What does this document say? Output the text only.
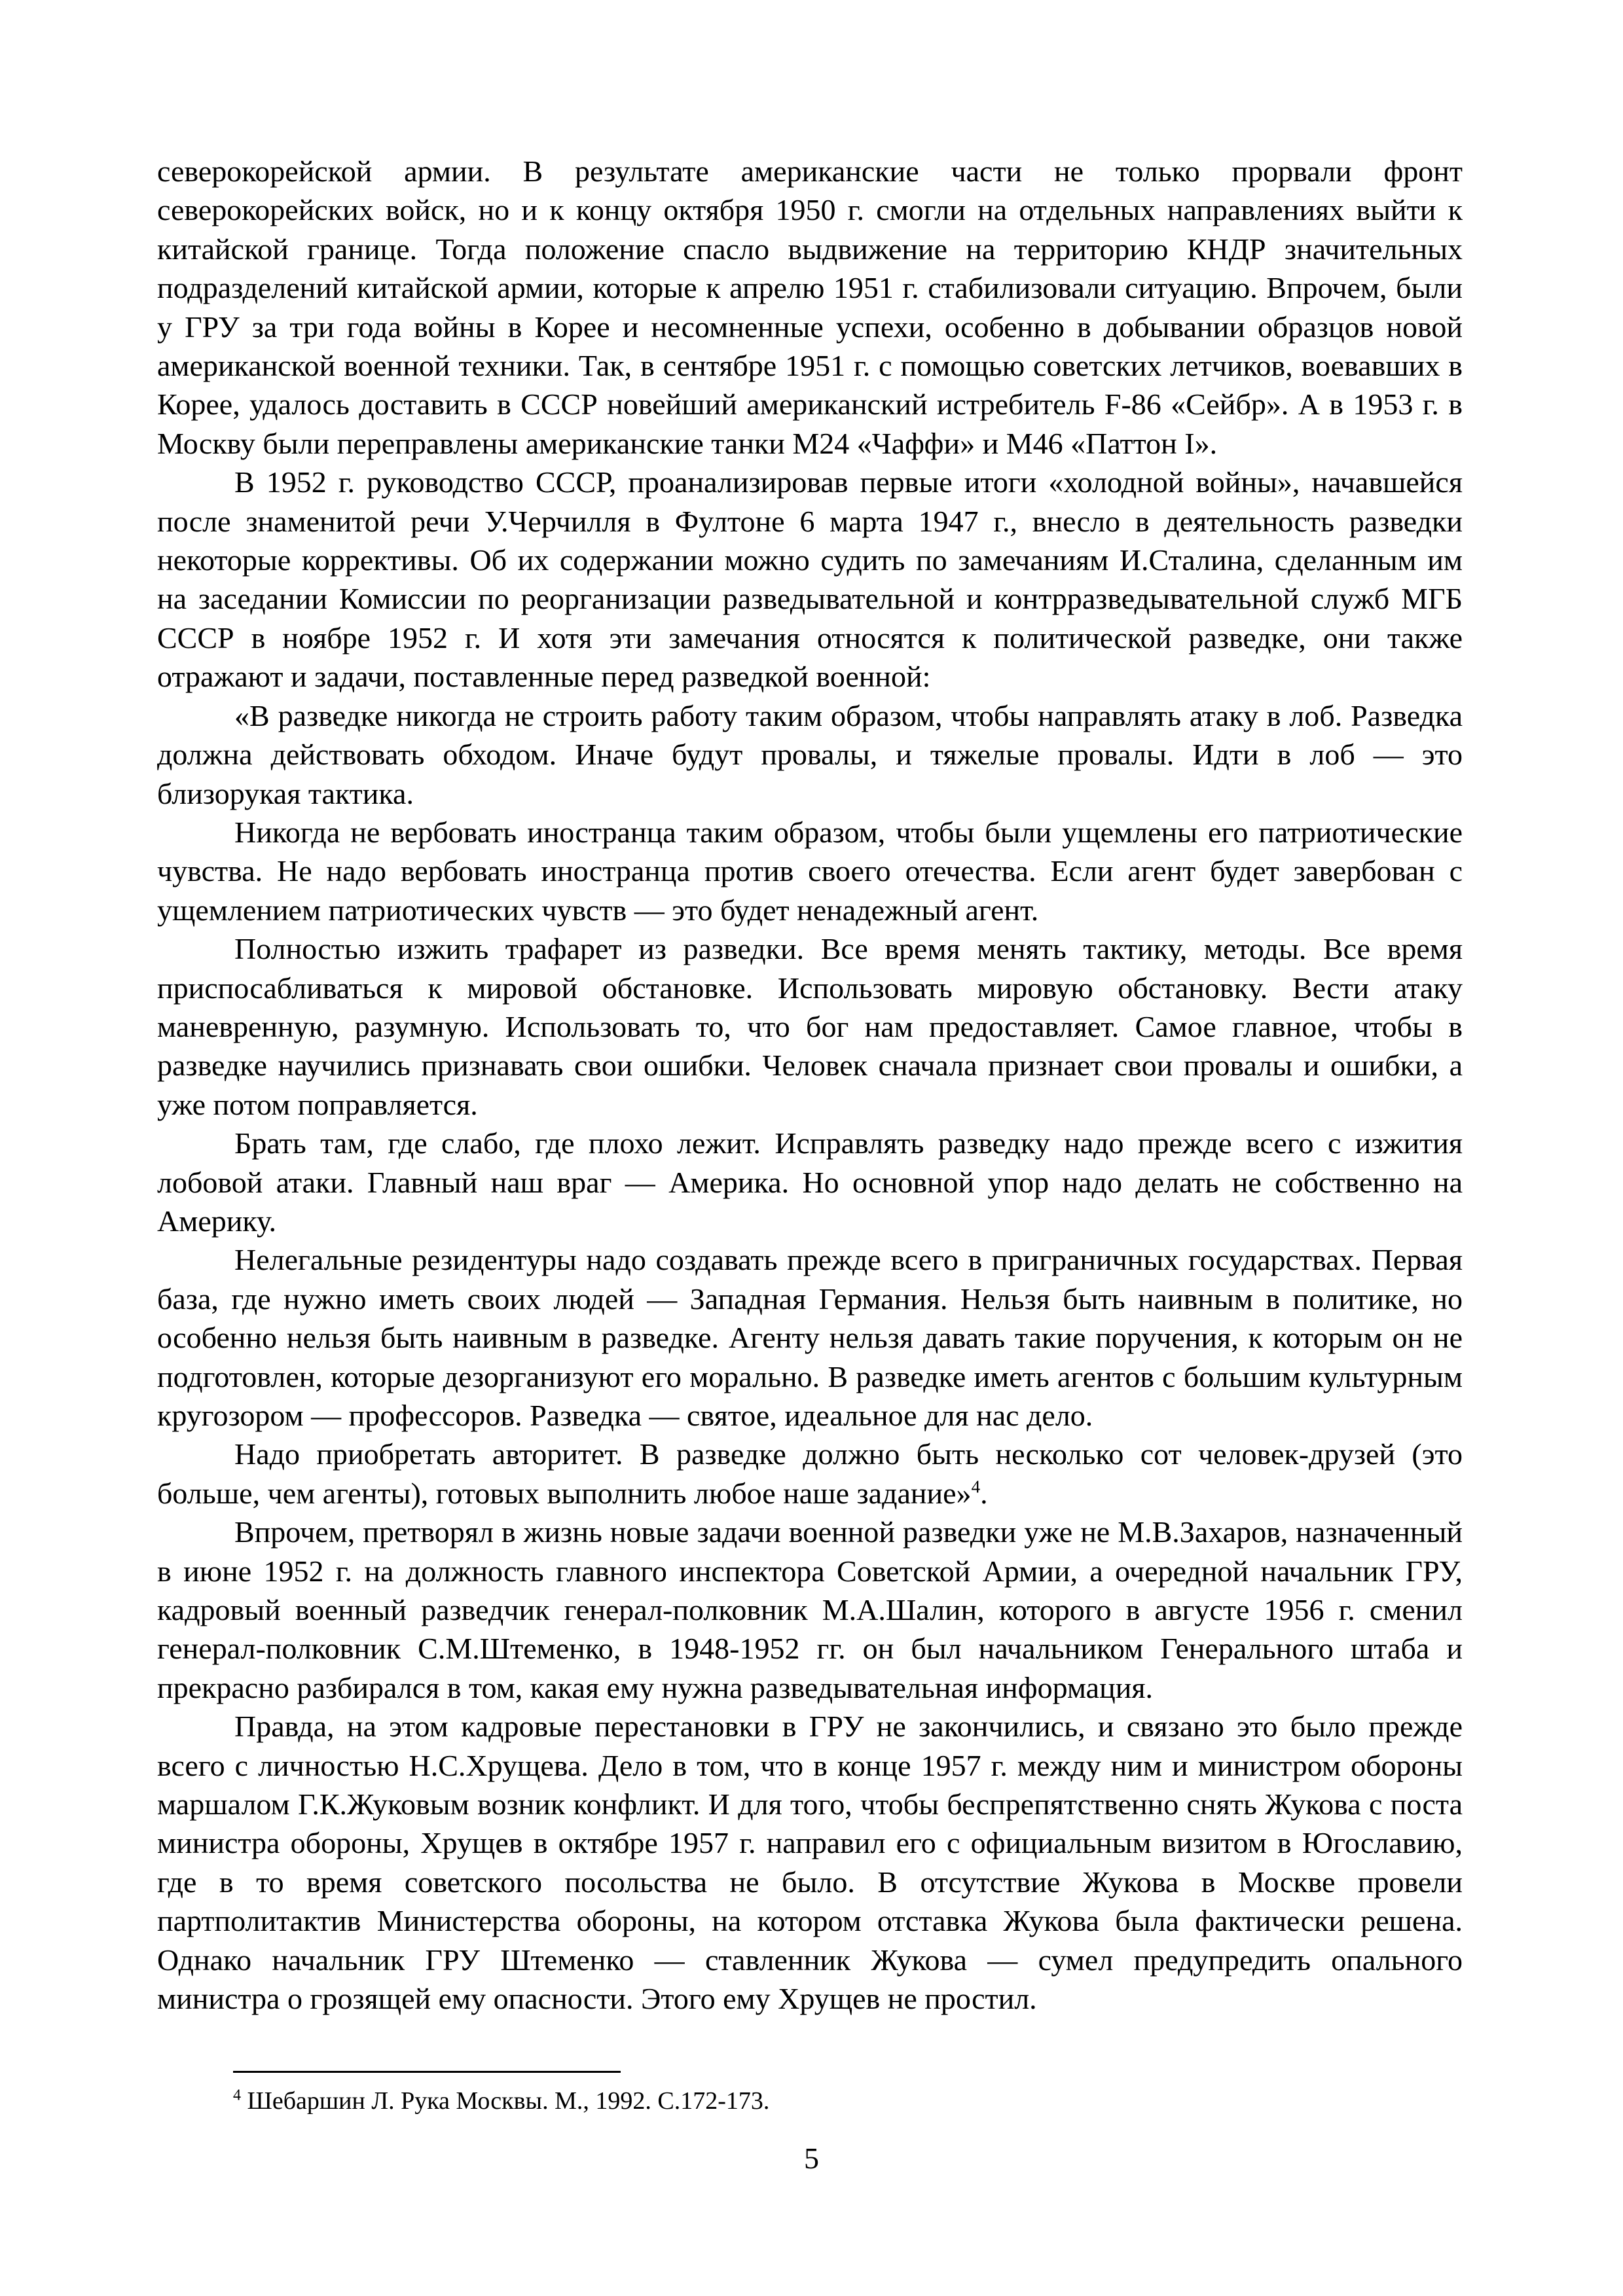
северокорейской армии. В результате американские части не только прорвали фронт северокорейских войск, но и к концу октября 1950 г. смогли на отдельных направлениях выйти к китайской границе. Тогда положение спасло выдвижение на территорию КНДР значительных подразделений китайской армии, которые к апрелю 1951 г. стабилизовали ситуацию. Впрочем, были у ГРУ за три года войны в Корее и несомненные успехи, особенно в добывании образцов новой американской военной техники. Так, в сентябре 1951 г. с помощью советских летчиков, воевавших в Корее, удалось доставить в СССР новейший американский истребитель F-86 «Сейбр». А в 1953 г. в Москву были переправлены американские танки М24 «Чаффи» и М46 «Паттон I».

В 1952 г. руководство СССР, проанализировав первые итоги «холодной войны», начавшейся после знаменитой речи У.Черчилля в Фултоне 6 марта 1947 г., внесло в деятельность разведки некоторые коррективы. Об их содержании можно судить по замечаниям И.Сталина, сделанным им на заседании Комиссии по реорганизации разведывательной и контрразведывательной служб МГБ СССР в ноябре 1952 г. И хотя эти замечания относятся к политической разведке, они также отражают и задачи, поставленные перед разведкой военной:

«В разведке никогда не строить работу таким образом, чтобы направлять атаку в лоб. Разведка должна действовать обходом. Иначе будут провалы, и тяжелые провалы. Идти в лоб — это близорукая тактика.

Никогда не вербовать иностранца таким образом, чтобы были ущемлены его патриотические чувства. Не надо вербовать иностранца против своего отечества. Если агент будет завербован с ущемлением патриотических чувств — это будет ненадежный агент.

Полностью изжить трафарет из разведки. Все время менять тактику, методы. Все время приспосабливаться к мировой обстановке. Использовать мировую обстановку. Вести атаку маневренную, разумную. Использовать то, что бог нам предоставляет. Самое главное, чтобы в разведке научились признавать свои ошибки. Человек сначала признает свои провалы и ошибки, а уже потом поправляется.

Брать там, где слабо, где плохо лежит. Исправлять разведку надо прежде всего с изжития лобовой атаки. Главный наш враг — Америка. Но основной упор надо делать не собственно на Америку.

Нелегальные резидентуры надо создавать прежде всего в приграничных государствах. Первая база, где нужно иметь своих людей — Западная Германия. Нельзя быть наивным в политике, но особенно нельзя быть наивным в разведке. Агенту нельзя давать такие поручения, к которым он не подготовлен, которые дезорганизуют его морально. В разведке иметь агентов с большим культурным кругозором — профессоров. Разведка — святое, идеальное для нас дело.

Надо приобретать авторитет. В разведке должно быть несколько сот человек-друзей (это больше, чем агенты), готовых выполнить любое наше задание»$^4$.

Впрочем, претворял в жизнь новые задачи военной разведки уже не М.В.Захаров, назначенный в июне 1952 г. на должность главного инспектора Советской Армии, а очередной начальник ГРУ, кадровый военный разведчик генерал-полковник М.А.Шалин, которого в августе 1956 г. сменил генерал-полковник С.М.Штеменко, в 1948-1952 гг. он был начальником Генерального штаба и прекрасно разбирался в том, какая ему нужна разведывательная информация.

Правда, на этом кадровые перестановки в ГРУ не закончились, и связано это было прежде всего с личностью Н.С.Хрущева. Дело в том, что в конце 1957 г. между ним и министром обороны маршалом Г.К.Жуковым возник конфликт. И для того, чтобы беспрепятственно снять Жукова с поста министра обороны, Хрущев в октябре 1957 г. направил его с официальным визитом в Югославию, где в то время советского посольства не было. В отсутствие Жукова в Москве провели партполитактив Министерства обороны, на котором отставка Жукова была фактически решена. Однако начальник ГРУ Штеменко — ставленник Жукова — сумел предупредить опального министра о грозящей ему опасности. Этого ему Хрущев не простил.

$^4$ Шебаршин Л. Рука Москвы. М., 1992. С.172-173.
5
